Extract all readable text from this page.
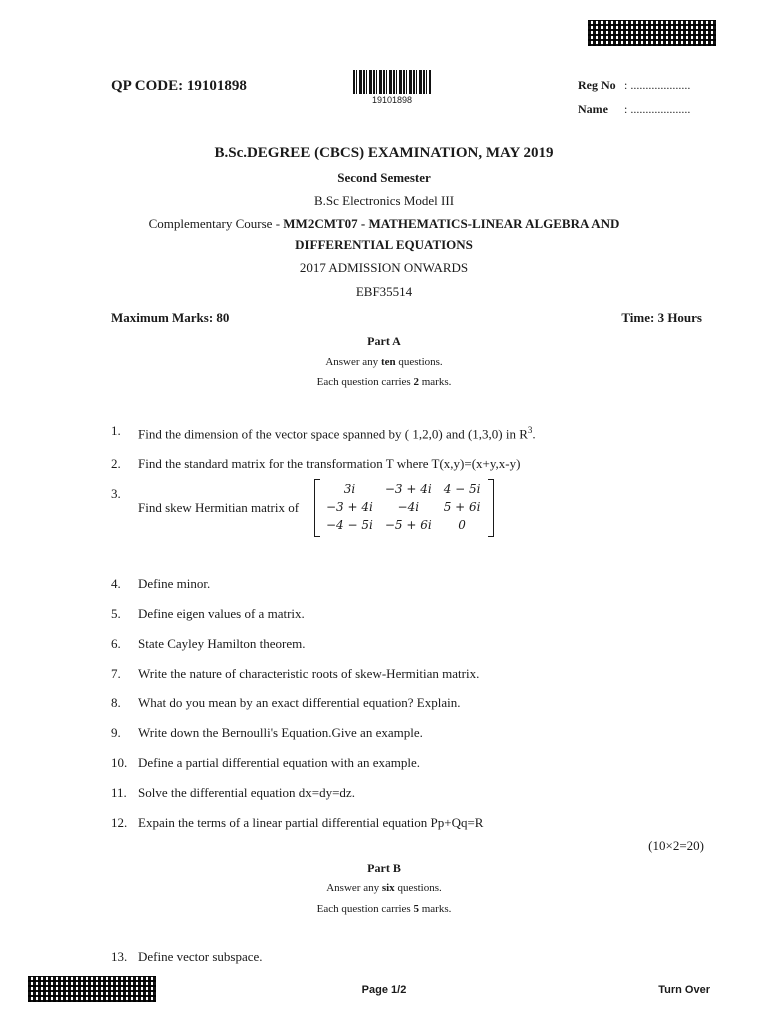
QP CODE: 19101898
19101898
Reg No : ....................
Name : ....................
B.Sc.DEGREE (CBCS) EXAMINATION, MAY 2019
Second Semester
B.Sc Electronics Model III
Complementary Course - MM2CMT07 - MATHEMATICS-LINEAR ALGEBRA AND
DIFFERENTIAL EQUATIONS
2017 ADMISSION ONWARDS
EBF35514
Maximum Marks: 80	Time: 3 Hours
Part A
Answer any ten questions.
Each question carries 2 marks.
1. Find the dimension of the vector space spanned by ( 1,2,0) and (1,3,0) in $R^3$.
2. Find the standard matrix for the transformation T where T(x,y)=(x+y,x-y)
3.
Find skew Hermitian matrix of
3i	−3 + 4i	4 − 5i
−3 + 4i	−4i	5 + 6i
−4 − 5i	−5 + 6i	0
4. Define minor.
5. Define eigen values of a matrix.
6. State Cayley Hamilton theorem.
7. Write the nature of characteristic roots of skew-Hermitian matrix.
8. What do you mean by an exact differential equation? Explain.
9. Write down the Bernoulli's Equation.Give an example.
10. Define a partial differential equation with an example.
11. Solve the differential equation dx=dy=dz.
12. Expain the terms of a linear partial differential equation Pp+Qq=R
(10×2=20)
Part B
Answer any six questions.
Each question carries 5 marks.
13. Define vector subspace.
Page 1/2	Turn Over
